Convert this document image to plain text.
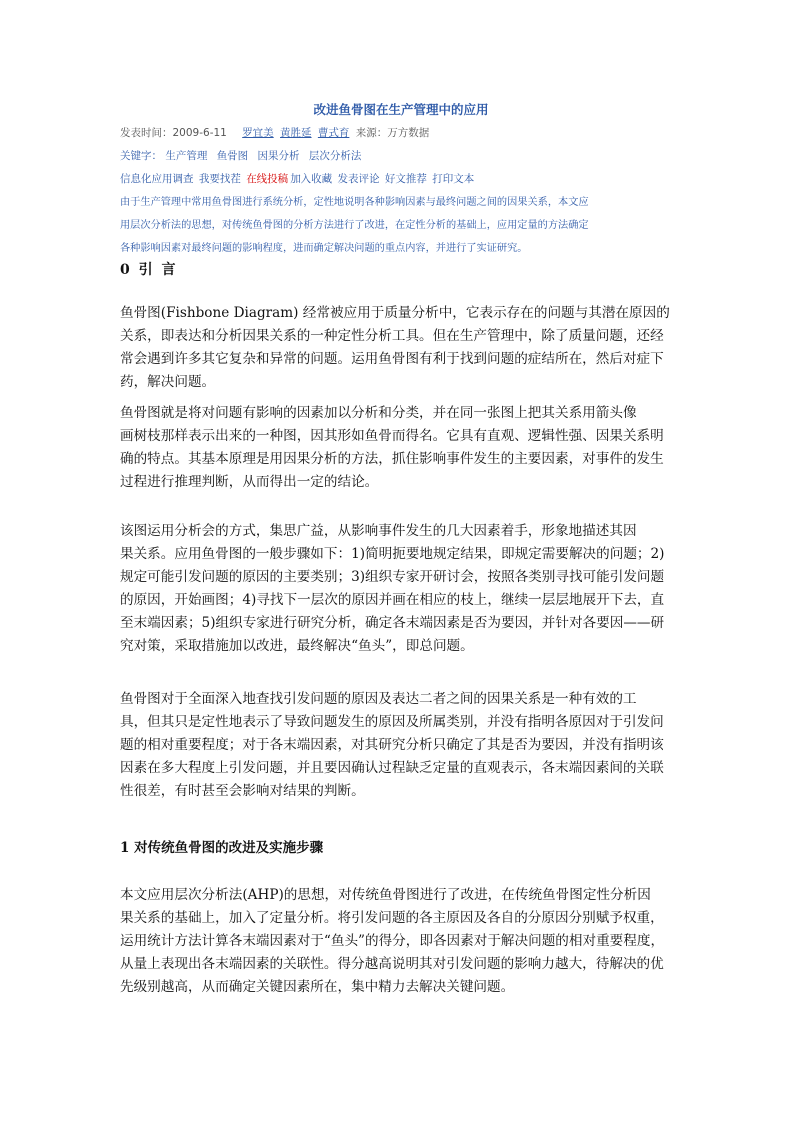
改进鱼骨图在生产管理中的应用
发表时间：2009-6-11 罗宜美 黄胜延 曹式育 来源：万方数据
关键字： 生产管理 鱼骨图 因果分析 层次分析法
信息化应用调查 我要找茬 在线投稿 加入收藏 发表评论 好文推荐 打印文本
由于生产管理中常用鱼骨图进行系统分析，定性地说明各种影响因素与最终问题之间的因果关系，本文应
用层次分析法的思想，对传统鱼骨图的分析方法进行了改进，在定性分析的基础上，应用定量的方法确定
各种影响因素对最终问题的影响程度，进而确定解决问题的重点内容，并进行了实证研究。
0 引 言
鱼骨图(Fishbone Diagram) 经常被应用于质量分析中，它表示存在的问题与其潜在原因的
关系，即表达和分析因果关系的一种定性分析工具。但在生产管理中，除了质量问题，还经
常会遇到许多其它复杂和异常的问题。运用鱼骨图有利于找到问题的症结所在，然后对症下
药，解决问题。
鱼骨图就是将对问题有影响的因素加以分析和分类，并在同一张图上把其关系用箭头像
画树枝那样表示出来的一种图，因其形如鱼骨而得名。它具有直观、逻辑性强、因果关系明
确的特点。其基本原理是用因果分析的方法，抓住影响事件发生的主要因素，对事件的发生
过程进行推理判断，从而得出一定的结论。
该图运用分析会的方式，集思广益，从影响事件发生的几大因素着手，形象地描述其因
果关系。应用鱼骨图的一般步骤如下：1)简明扼要地规定结果，即规定需要解决的问题；2)
规定可能引发问题的原因的主要类别；3)组织专家开研讨会，按照各类别寻找可能引发问题
的原因，开始画图；4)寻找下一层次的原因并画在相应的枝上，继续一层层地展开下去，直
至末端因素；5)组织专家进行研究分析，确定各末端因素是否为要因，并针对各要因——研
究对策，采取措施加以改进，最终解决“鱼头”，即总问题。
鱼骨图对于全面深入地查找引发问题的原因及表达二者之间的因果关系是一种有效的工
具，但其只是定性地表示了导致问题发生的原因及所属类别，并没有指明各原因对于引发问
题的相对重要程度；对于各末端因素，对其研究分析只确定了其是否为要因，并没有指明该
因素在多大程度上引发问题，并且要因确认过程缺乏定量的直观表示，各末端因素间的关联
性很差，有时甚至会影响对结果的判断。
1 对传统鱼骨图的改进及实施步骤
本文应用层次分析法(AHP)的思想，对传统鱼骨图进行了改进，在传统鱼骨图定性分析因
果关系的基础上，加入了定量分析。将引发问题的各主原因及各自的分原因分别赋予权重，
运用统计方法计算各末端因素对于“鱼头”的得分，即各因素对于解决问题的相对重要程度，
从量上表现出各末端因素的关联性。得分越高说明其对引发问题的影响力越大，待解决的优
先级别越高，从而确定关键因素所在，集中精力去解决关键问题。
